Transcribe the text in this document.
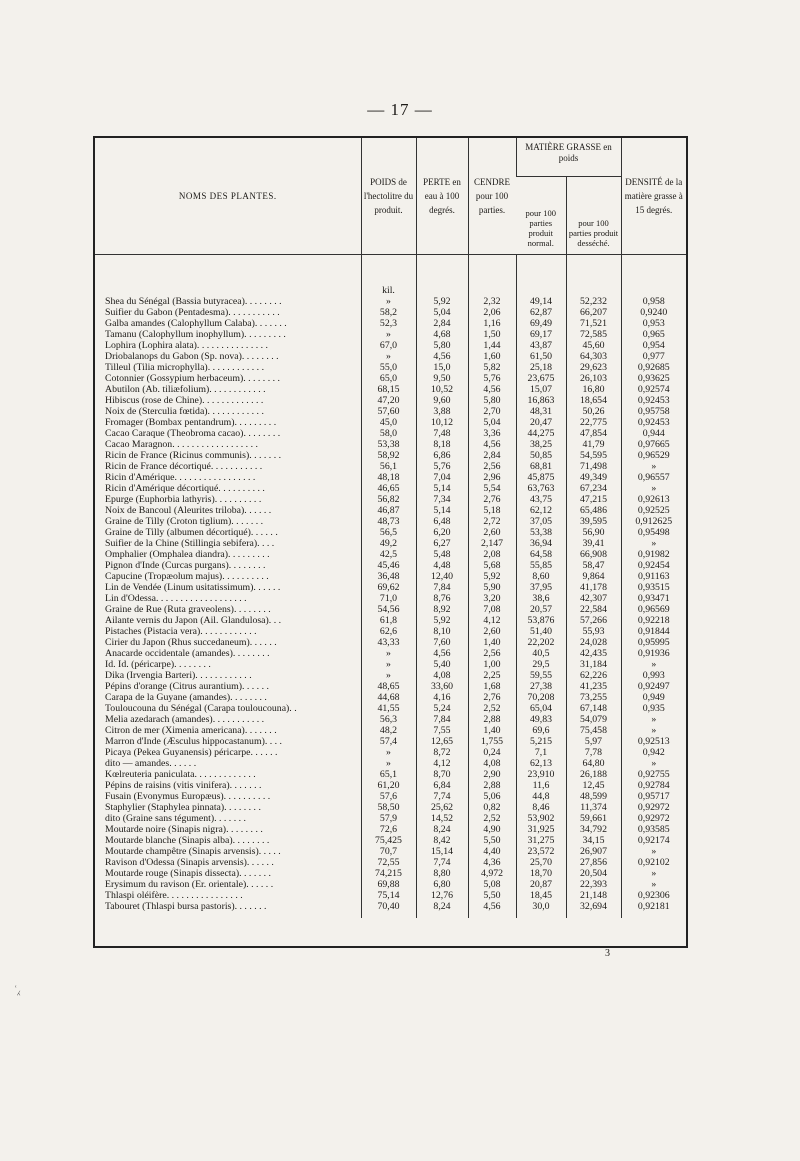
— 17 —
NOMS DES PLANTES.	POIDS de l'hectolitre du produit.	PERTE en eau à 100 degrés.	CENDRE pour 100 parties.	MATIÈRE GRASSE en poids		DENSITÉ de la matière grasse à 15 degrés.
				pour 100 parties produit normal.	pour 100 parties produit desséché.	
	kil.					
Shea du Sénégal (Bassia butyracea). . . . . . . .	»	5,92	2,32	49,14	52,232	0,958
Suifier du Gabon (Pentadesma). . . . . . . . . . .	58,2	5,04	2,06	62,87	66,207	0,9240
Galba amandes (Calophyllum Calaba). . . . . . .	52,3	2,84	1,16	69,49	71,521	0,953
Tamanu (Calophyllum inophyllum). . . . . . . . .	»	4,68	1,50	69,17	72,585	0,965
Lophira (Lophira alata). . . . . . . . . . . . . . .	67,0	5,80	1,44	43,87	45,60	0,954
Driobalanops du Gabon (Sp. nova). . . . . . . .	»	4,56	1,60	61,50	64,303	0,977
Tilleul (Tilia microphylla). . . . . . . . . . . .	55,0	15,0	5,82	25,18	29,623	0,92685
Cotonnier (Gossypium herbaceum). . . . . . . .	65,0	9,50	5,76	23,675	26,103	0,93625
Abutilon (Ab. tiliæfolium). . . . . . . . . . . .	68,15	10,52	4,56	15,07	16,80	0,92574
Hibiscus (rose de Chine). . . . . . . . . . . . .	47,20	9,60	5,80	16,863	18,654	0,92453
Noix de (Sterculia fœtida). . . . . . . . . . . .	57,60	3,88	2,70	48,31	50,26	0,95758
Fromager (Bombax pentandrum). . . . . . . . .	45,0	10,12	5,04	20,47	22,775	0,92453
Cacao Caraque (Theobroma cacao). . . . . . . .	58,0	7,48	3,36	44,275	47,854	0,944
Cacao Maragnon. . . . . . . . . . . . . . . . . .	53,38	8,18	4,56	38,25	41,79	0,97665
Ricin de France (Ricinus communis). . . . . . .	58,92	6,86	2,84	50,85	54,595	0,96529
Ricin de France décortiqué. . . . . . . . . . .	56,1	5,76	2,56	68,81	71,498	»
Ricin d'Amérique. . . . . . . . . . . . . . . . .	48,18	7,04	2,96	45,875	49,349	0,96557
Ricin d'Amérique décortiqué. . . . . . . . . .	46,65	5,14	5,54	63,763	67,234	»
Epurge (Euphorbia lathyris). . . . . . . . . .	56,82	7,34	2,76	43,75	47,215	0,92613
Noix de Bancoul (Aleurites triloba). . . . . .	46,87	5,14	5,18	62,12	65,486	0,92525
Graine de Tilly (Croton tiglium). . . . . . .	48,73	6,48	2,72	37,05	39,595	0,912625
Graine de Tilly (albumen décortiqué). . . . . .	56,5	6,20	2,60	53,38	56,90	0,95498
Suifier de la Chine (Stillingia sebifera). . . .	49,2	6,27	2,147	36,94	39,41	»
Omphalier (Omphalea diandra). . . . . . . . .	42,5	5,48	2,08	64,58	66,908	0,91982
Pignon d'Inde (Curcas purgans). . . . . . . .	45,46	4,48	5,68	55,85	58,47	0,92454
Capucine (Tropæolum majus). . . . . . . . . .	36,48	12,40	5,92	8,60	9,864	0,91163
Lin de Vendée (Linum usitatissimum). . . . . .	69,62	7,84	5,90	37,95	41,178	0,93515
Lin d'Odessa. . . . . . . . . . . . . . . . . . .	71,0	8,76	3,20	38,6	42,307	0,93471
Graine de Rue (Ruta graveolens). . . . . . . .	54,56	8,92	7,08	20,57	22,584	0,96569
Ailante vernis du Japon (Ail. Glandulosa). . .	61,8	5,92	4,12	53,876	57,266	0,92218
Pistaches (Pistacia vera). . . . . . . . . . . .	62,6	8,10	2,60	51,40	55,93	0,91844
Cirier du Japon (Rhus succedaneum). . . . . .	43,33	7,60	1,40	22,202	24,028	0,95995
Anacarde occidentale (amandes). . . . . . . .	»	4,56	2,56	40,5	42,435	0,91936
Id. Id. (péricarpe). . . . . . . .	»	5,40	1,00	29,5	31,184	»
Dika (Irvengia Barteri). . . . . . . . . . . .	»	4,08	2,25	59,55	62,226	0,993
Pépins d'orange (Citrus aurantium). . . . . .	48,65	33,60	1,68	27,38	41,235	0,92497
Carapa de la Guyane (amandes). . . . . . . .	44,68	4,16	2,76	70,208	73,255	0,949
Touloucouna du Sénégal (Carapa touloucouna). .	41,55	5,24	2,52	65,04	67,148	0,935
Melia azedarach (amandes). . . . . . . . . . .	56,3	7,84	2,88	49,83	54,079	»
Citron de mer (Ximenia americana). . . . . . .	48,2	7,55	1,40	69,6	75,458	»
Marron d'Inde (Æsculus hippocastanum). . . .	57,4	12,65	1,755	5,215	5,97	0,92513
Picaya (Pekea Guyanensis) péricarpe. . . . . .	»	8,72	0,24	7,1	7,78	0,942
dito — amandes. . . . . .	»	4,12	4,08	62,13	64,80	»
Kœlreuteria paniculata. . . . . . . . . . . . .	65,1	8,70	2,90	23,910	26,188	0,92755
Pépins de raisins (vitis vinifera). . . . . . .	61,20	6,84	2,88	11,6	12,45	0,92784
Fusain (Evonymus Europæus). . . . . . . . . .	57,6	7,74	5,06	44,8	48,599	0,95717
Staphylier (Staphylea pinnata). . . . . . . .	58,50	25,62	0,82	8,46	11,374	0,92972
dito (Graine sans tégument). . . . . . .	57,9	14,52	2,52	53,902	59,661	0,92972
Moutarde noire (Sinapis nigra). . . . . . . .	72,6	8,24	4,90	31,925	34,792	0,93585
Moutarde blanche (Sinapis alba). . . . . . . .	75,425	8,42	5,50	31,275	34,15	0,92174
Moutarde champêtre (Sinapis arvensis). . . . .	70,7	15,14	4,40	23,572	26,907	»
Ravison d'Odessa (Sinapis arvensis). . . . . .	72,55	7,74	4,36	25,70	27,856	0,92102
Moutarde rouge (Sinapis dissecta). . . . . . .	74,215	8,80	4,972	18,70	20,504	»
Erysimum du ravison (Er. orientale). . . . . .	69,88	6,80	5,08	20,87	22,393	»
Thlaspi oléifère. . . . . . . . . . . . . . . .	75,14	12,76	5,50	18,45	21,148	0,92306
Tabouret (Thlaspi bursa pastoris). . . . . . .	70,40	8,24	4,56	30,0	32,694	0,92181
3
ʿ⁁
